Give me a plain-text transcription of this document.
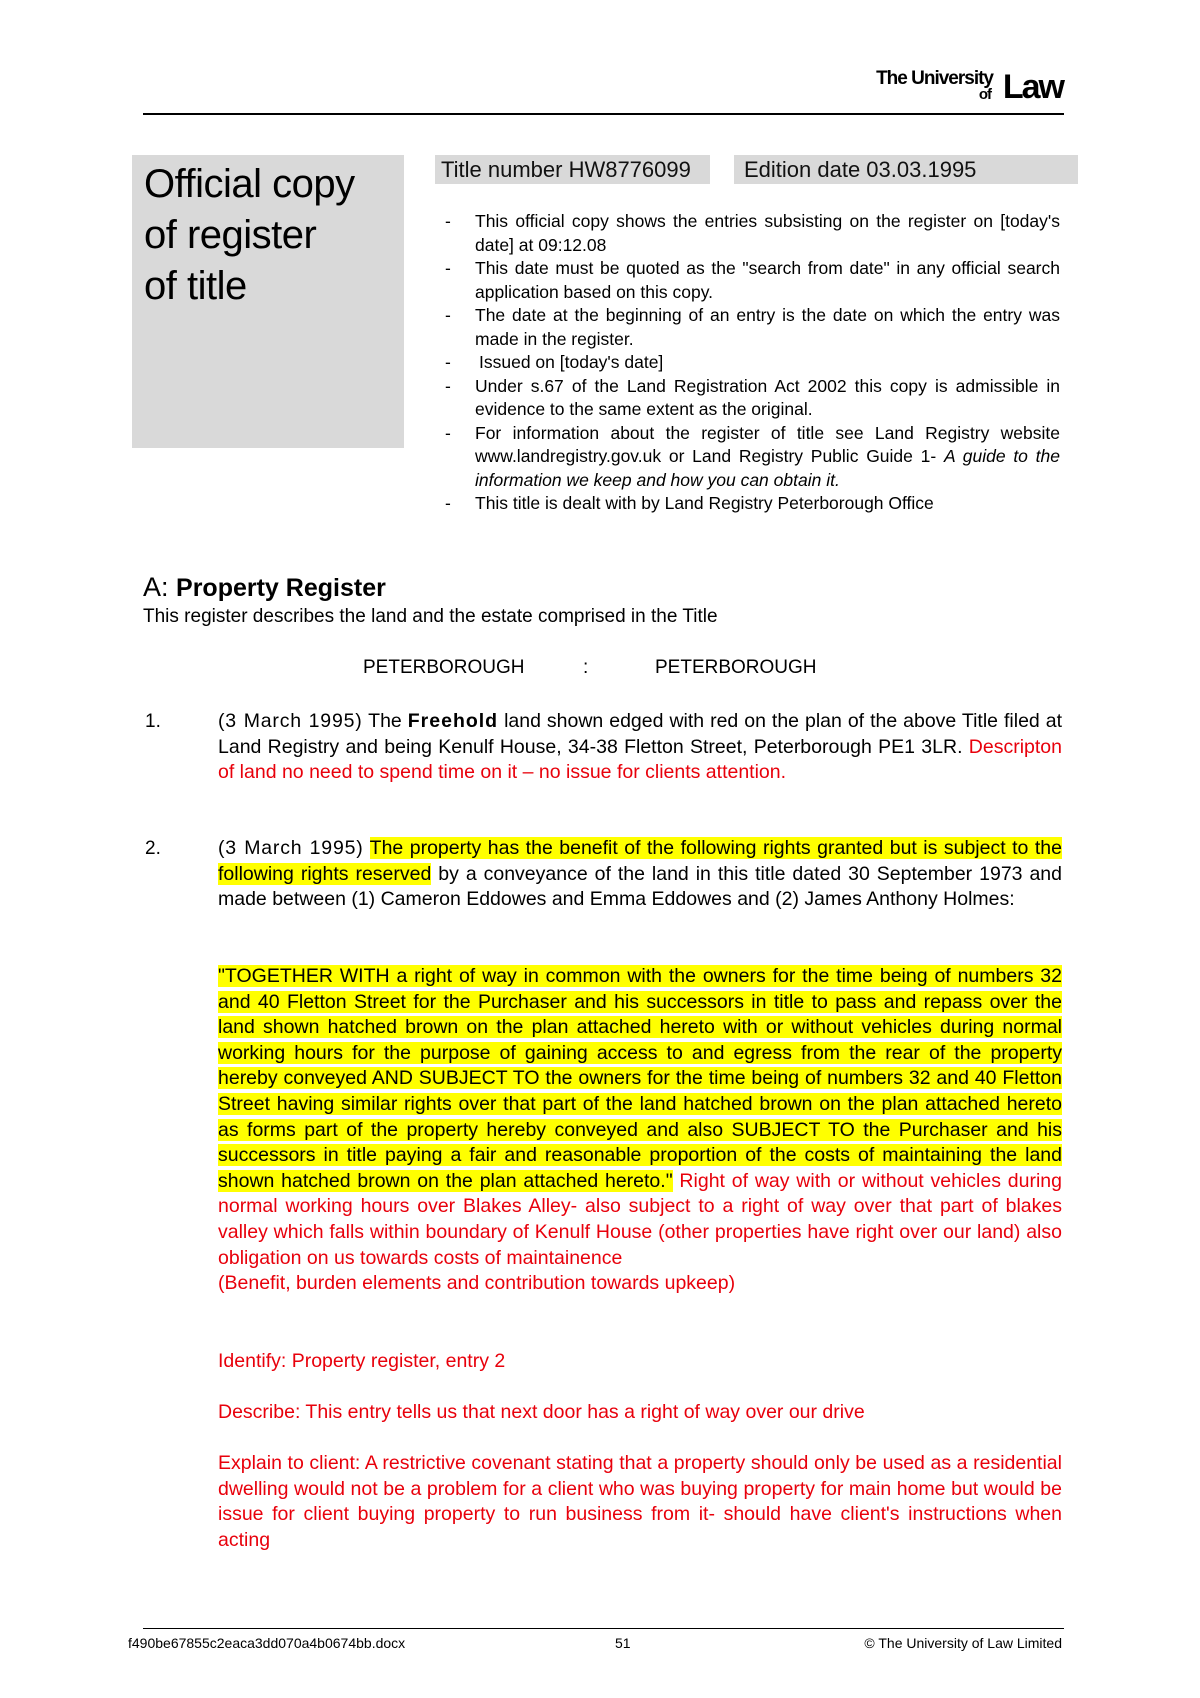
The University
of Law
Official copy
of register
of title
Title number HW8776099	Edition date 03.03.1995
- This official copy shows the entries subsisting on the register on [today's date] at 09:12.08
- This date must be quoted as the "search from date" in any official search application based on this copy.
- The date at the beginning of an entry is the date on which the entry was made in the register.
- Issued on [today's date]
- Under s.67 of the Land Registration Act 2002 this copy is admissible in evidence to the same extent as the original.
- For information about the register of title see Land Registry website www.landregistry.gov.uk or Land Registry Public Guide 1- A guide to the information we keep and how you can obtain it.
- This title is dealt with by Land Registry Peterborough Office
A: Property Register
This register describes the land and the estate comprised in the Title
PETERBOROUGH	:	PETERBOROUGH
1.	(3 March 1995) The Freehold land shown edged with red on the plan of the above Title filed at Land Registry and being Kenulf House, 34-38 Fletton Street, Peterborough PE1 3LR. Descripton of land no need to spend time on it – no issue for clients attention.
2.	(3 March 1995) The property has the benefit of the following rights granted but is subject to the following rights reserved by a conveyance of the land in this title dated 30 September 1973 and made between (1) Cameron Eddowes and Emma Eddowes and (2) James Anthony Holmes:
"TOGETHER WITH a right of way in common with the owners for the time being of numbers 32 and 40 Fletton Street for the Purchaser and his successors in title to pass and repass over the land shown hatched brown on the plan attached hereto with or without vehicles during normal working hours for the purpose of gaining access to and egress from the rear of the property hereby conveyed AND SUBJECT TO the owners for the time being of numbers 32 and 40 Fletton Street having similar rights over that part of the land hatched brown on the plan attached hereto as forms part of the property hereby conveyed and also SUBJECT TO the Purchaser and his successors in title paying a fair and reasonable proportion of the costs of maintaining the land shown hatched brown on the plan attached hereto." Right of way with or without vehicles during normal working hours over Blakes Alley- also subject to a right of way over that part of blakes valley which falls within boundary of Kenulf House (other properties have right over our land) also obligation on us towards costs of maintainence
(Benefit, burden elements and contribution towards upkeep)
Identify: Property register, entry 2
Describe: This entry tells us that next door has a right of way over our drive
Explain to client: A restrictive covenant stating that a property should only be used as a residential dwelling would not be a problem for a client who was buying property for main home but would be issue for client buying property to run business from it- should have client's instructions when acting
f490be67855c2eaca3dd070a4b0674bb.docx	51	© The University of Law Limited
